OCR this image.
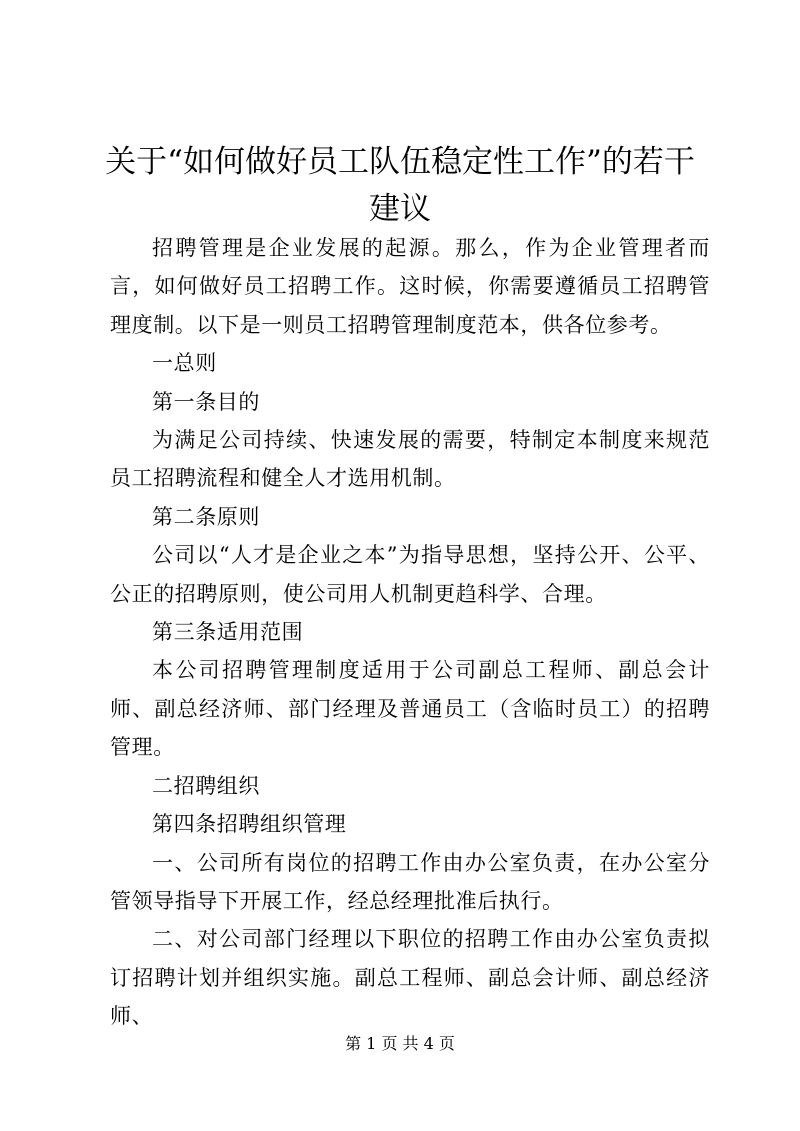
关于“如何做好员工队伍稳定性工作”的若干
建议

招聘管理是企业发展的起源。那么，作为企业管理者而言，如何做好员工招聘工作。这时候，你需要遵循员工招聘管理度制。以下是一则员工招聘管理制度范本，供各位参考。

一总则

第一条目的

为满足公司持续、快速发展的需要，特制定本制度来规范员工招聘流程和健全人才选用机制。

第二条原则

公司以“人才是企业之本”为指导思想，坚持公开、公平、公正的招聘原则，使公司用人机制更趋科学、合理。

第三条适用范围

本公司招聘管理制度适用于公司副总工程师、副总会计师、副总经济师、部门经理及普通员工（含临时员工）的招聘管理。

二招聘组织

第四条招聘组织管理

一、公司所有岗位的招聘工作由办公室负责，在办公室分管领导指导下开展工作，经总经理批准后执行。

二、对公司部门经理以下职位的招聘工作由办公室负责拟订招聘计划并组织实施。副总工程师、副总会计师、副总经济师、

第 1 页 共 4 页
